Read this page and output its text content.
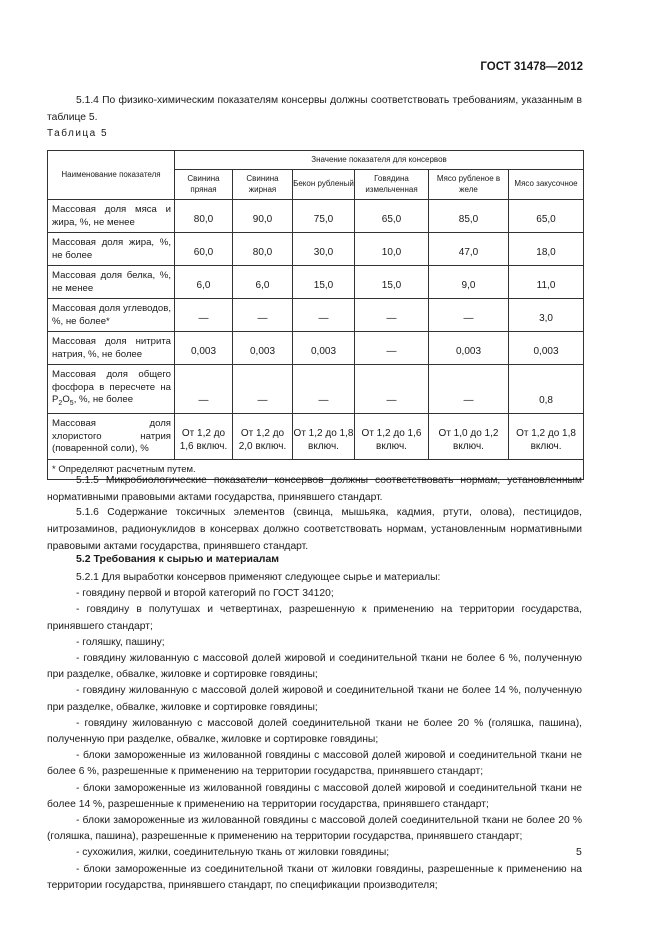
ГОСТ 31478—2012
5.1.4 По физико-химическим показателям консервы должны соответствовать требованиям, указанным в таблице 5.
Таблица 5
Наименование показателя	Значение показателя для консервов					
	Свинина пряная	Свинина жирная	Бекон рубленый	Говядина измельченная	Мясо рубленое в желе	Мясо закусочное
Массовая доля мяса и жира, %, не менее	80,0	90,0	75,0	65,0	85,0	65,0
Массовая доля жира, %, не более	60,0	80,0	30,0	10,0	47,0	18,0
Массовая доля белка, %, не менее	6,0	6,0	15,0	15,0	9,0	11,0
Массовая доля углеводов, %, не более*	—	—	—	—	—	3,0
Массовая доля нитрита натрия, %, не более	0,003	0,003	0,003	—	0,003	0,003
Массовая доля общего фосфора в пересчете на $P_2O_5$, %, не более	—	—	—	—	—	0,8
Массовая доля хлористого натрия (поваренной соли), %	От 1,2 до 1,6 включ.	От 1,2 до 2,0 включ.	От 1,2 до 1,8 включ.	От 1,2 до 1,6 включ.	От 1,0 до 1,2 включ.	От 1,2 до 1,8 включ.
* Определяют расчетным путем.						
5.1.5 Микробиологические показатели консервов должны соответствовать нормам, установленным нормативными правовыми актами государства, принявшего стандарт.
5.1.6 Содержание токсичных элементов (свинца, мышьяка, кадмия, ртути, олова), пестицидов, нитрозаминов, радионуклидов в консервах должно соответствовать нормам, установленным нормативными правовыми актами государства, принявшего стандарт.
5.2 Требования к сырью и материалам
5.2.1 Для выработки консервов применяют следующее сырье и материалы:
- говядину первой и второй категорий по ГОСТ 34120;
- говядину в полутушах и четвертинах, разрешенную к применению на территории государства, принявшего стандарт;
- голяшку, пашину;
- говядину жилованную с массовой долей жировой и соединительной ткани не более 6 %, полученную при разделке, обвалке, жиловке и сортировке говядины;
- говядину жилованную с массовой долей жировой и соединительной ткани не более 14 %, полученную при разделке, обвалке, жиловке и сортировке говядины;
- говядину жилованную с массовой долей соединительной ткани не более 20 % (голяшка, пашина), полученную при разделке, обвалке, жиловке и сортировке говядины;
- блоки замороженные из жилованной говядины с массовой долей жировой и соединительной ткани не более 6 %, разрешенные к применению на территории государства, принявшего стандарт;
- блоки замороженные из жилованной говядины с массовой долей жировой и соединительной ткани не более 14 %, разрешенные к применению на территории государства, принявшего стандарт;
- блоки замороженные из жилованной говядины с массовой долей соединительной ткани не более 20 % (голяшка, пашина), разрешенные к применению на территории государства, принявшего стандарт;
- сухожилия, жилки, соединительную ткань от жиловки говядины;
- блоки замороженные из соединительной ткани от жиловки говядины, разрешенные к применению на территории государства, принявшего стандарт, по спецификации производителя;
5
